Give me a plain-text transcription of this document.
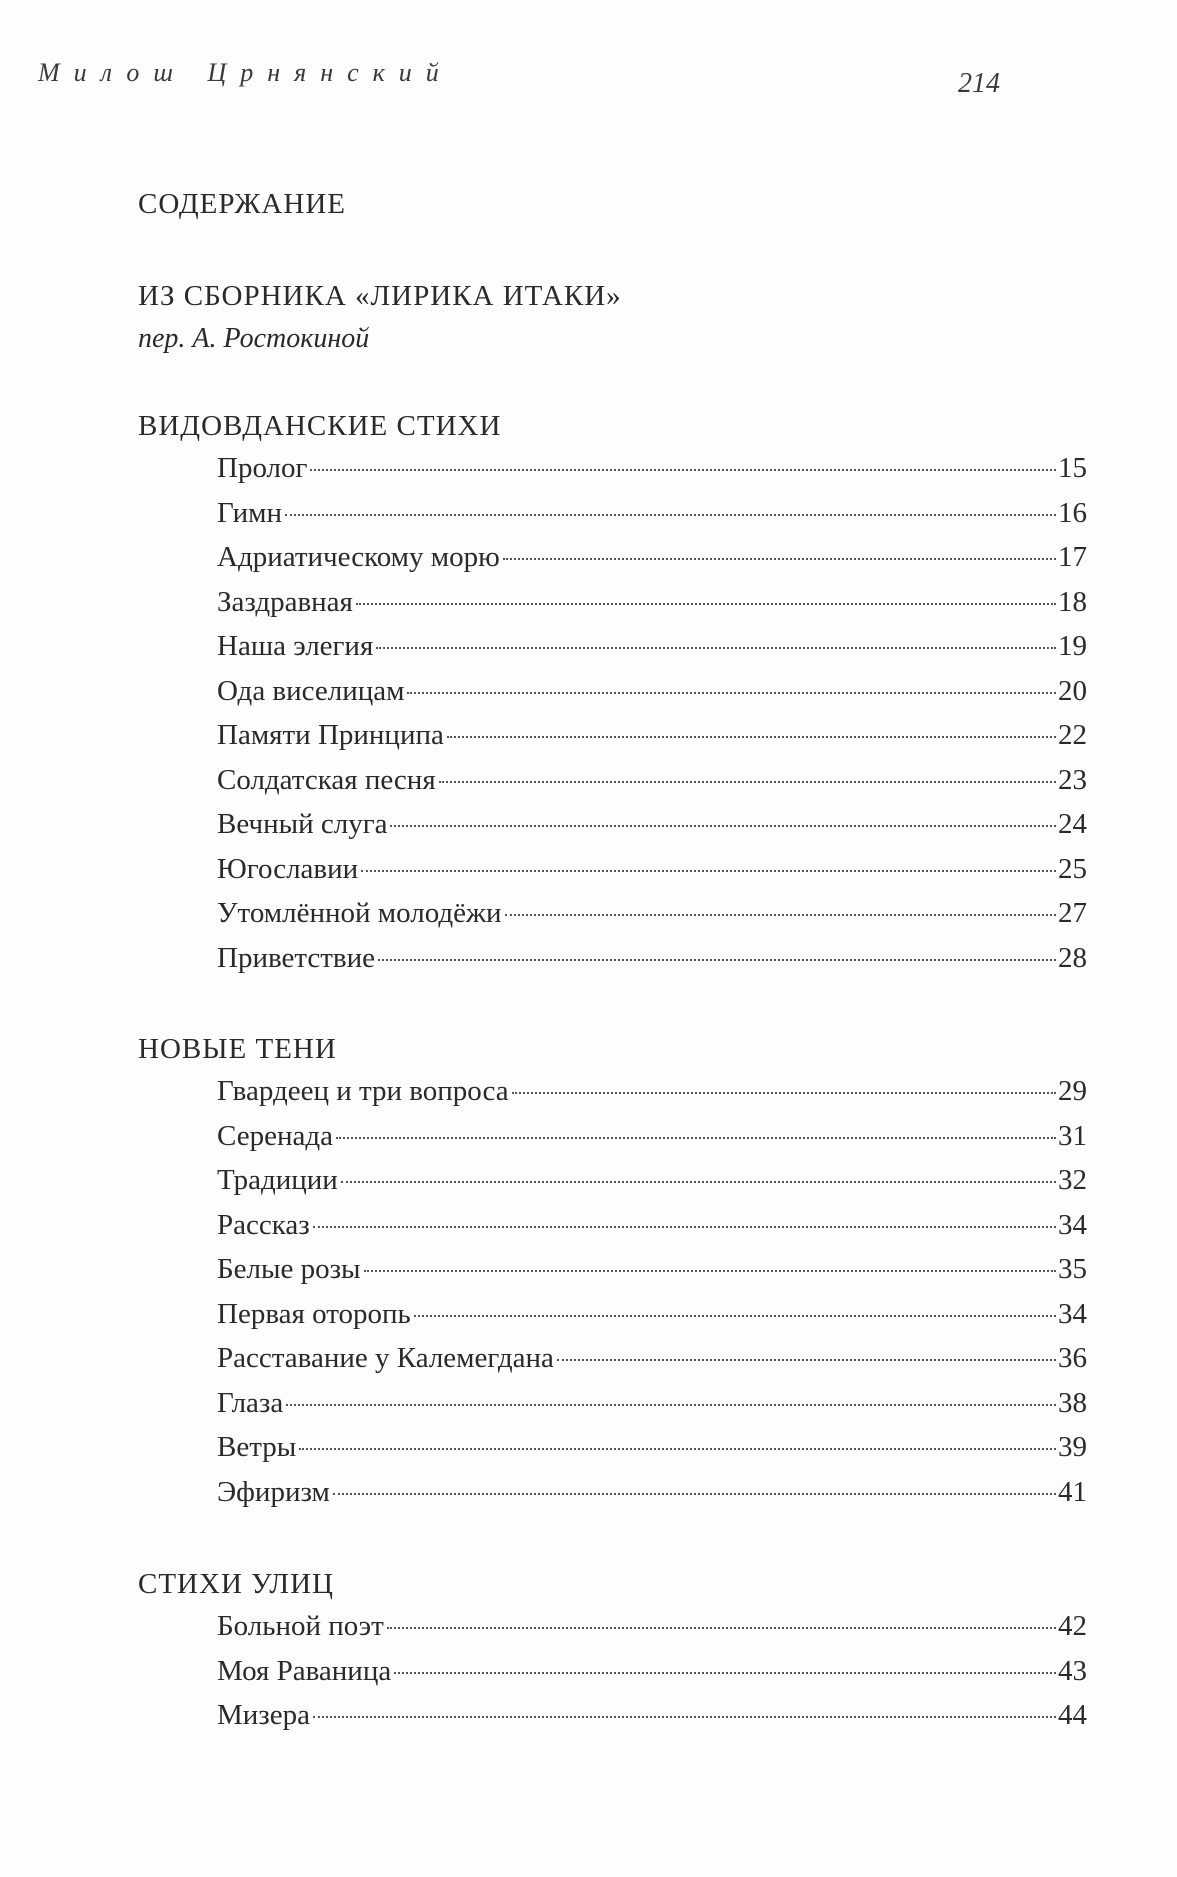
Милош Црнянский	214
СОДЕРЖАНИЕ
ИЗ СБОРНИКА «ЛИРИКА ИТАКИ»
пер. А. Ростокиной
ВИДОВДАНСКИЕ СТИХИ
Пролог	15
Гимн	16
Адриатическому морю	17
Заздравная	18
Наша элегия	19
Ода виселицам	20
Памяти Принципа	22
Солдатская песня	23
Вечный слуга	24
Югославии	25
Утомлённой молодёжи	27
Приветствие	28
НОВЫЕ ТЕНИ
Гвардеец и три вопроса	29
Серенада	31
Традиции	32
Рассказ	34
Белые розы	35
Первая оторопь	34
Расставание у Калемегдана	36
Глаза	38
Ветры	39
Эфиризм	41
СТИХИ УЛИЦ
Больной поэт	42
Моя Раваница	43
Мизера	44
